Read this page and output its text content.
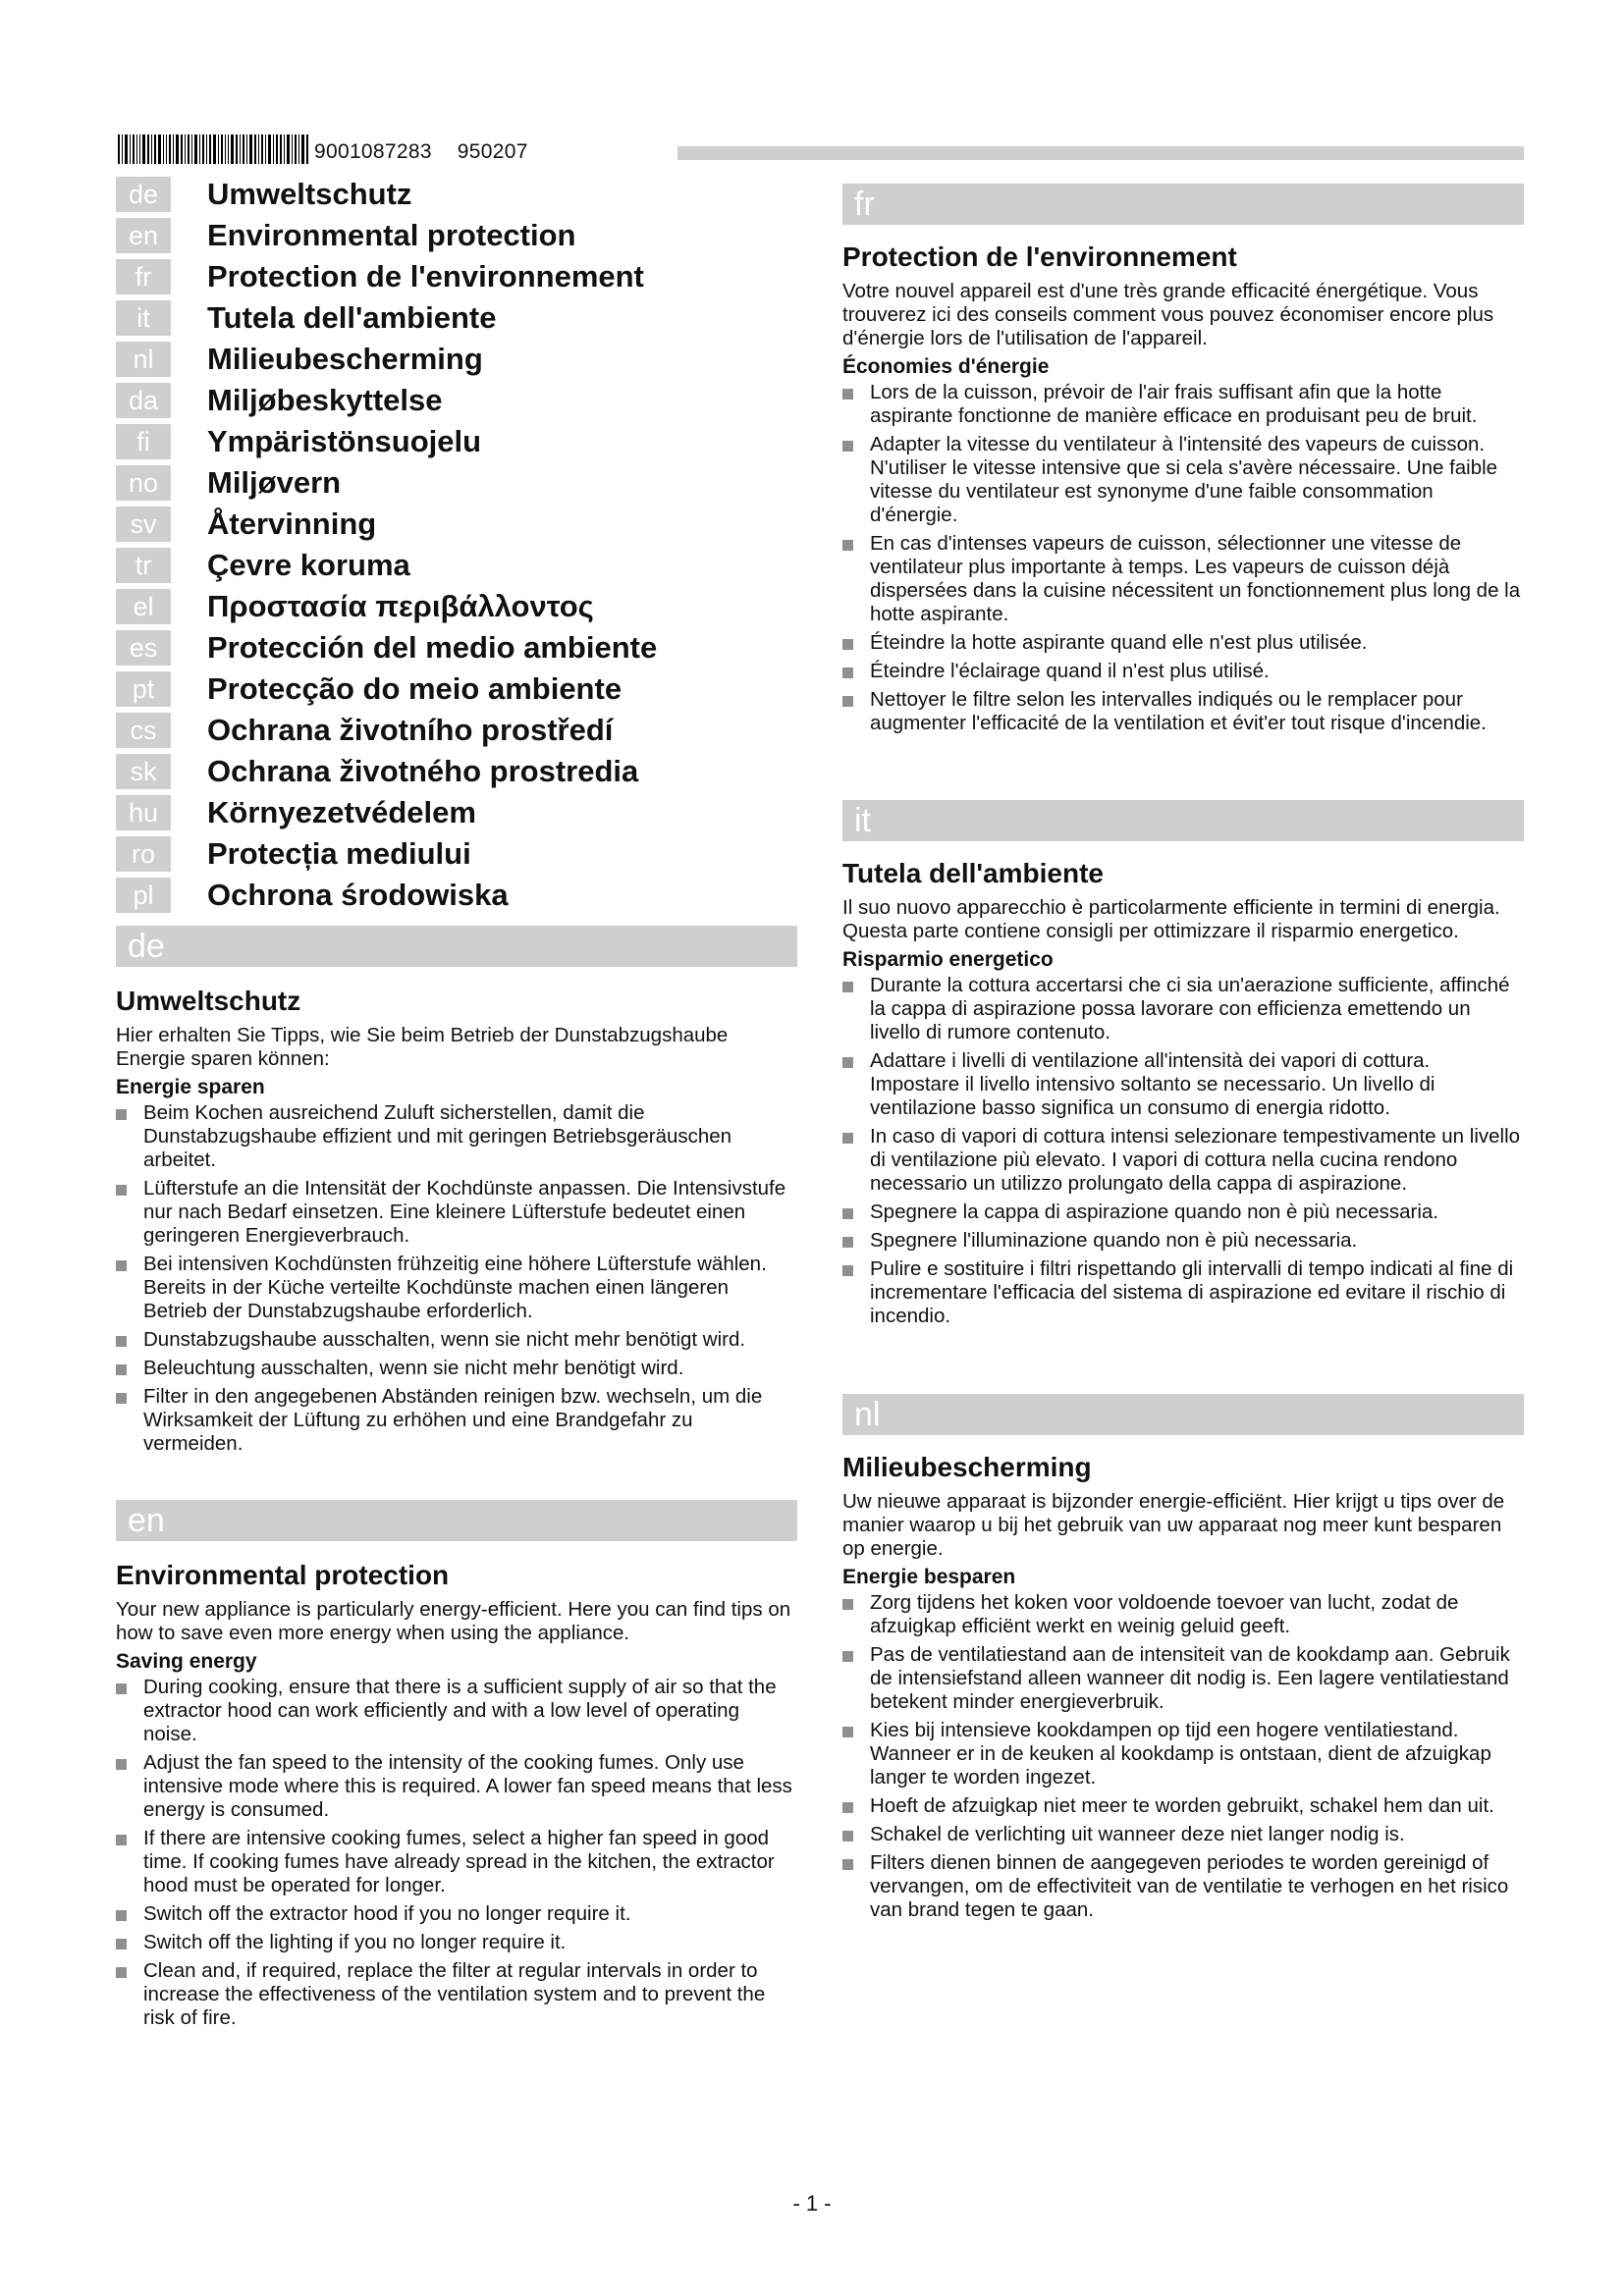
9001087283 950207
de	Umweltschutz
en	Environmental protection
fr	Protection de l'environnement
it	Tutela dell'ambiente
nl	Milieubescherming
da	Miljøbeskyttelse
fi	Ympäristönsuojelu
no	Miljøvern
sv	Återvinning
tr	Çevre koruma
el	Προστασία περιβάλλοντος
es	Protección del medio ambiente
pt	Protecção do meio ambiente
cs	Ochrana životního prostředí
sk	Ochrana životného prostredia
hu	Környezetvédelem
ro	Protecția mediului
pl	Ochrona środowiska
de
Umweltschutz

Hier erhalten Sie Tipps, wie Sie beim Betrieb der Dunstabzugshaube Energie sparen können:

Energie sparen
Beim Kochen ausreichend Zuluft sicherstellen, damit die Dunstabzugshaube effizient und mit geringen Betriebsgeräuschen arbeitet.
Lüfterstufe an die Intensität der Kochdünste anpassen. Die Intensivstufe nur nach Bedarf einsetzen. Eine kleinere Lüfterstufe bedeutet einen geringeren Energieverbrauch.
Bei intensiven Kochdünsten frühzeitig eine höhere Lüfterstufe wählen. Bereits in der Küche verteilte Kochdünste machen einen längeren Betrieb der Dunstabzugshaube erforderlich.
Dunstabzugshaube ausschalten, wenn sie nicht mehr benötigt wird.
Beleuchtung ausschalten, wenn sie nicht mehr benötigt wird.
Filter in den angegebenen Abständen reinigen bzw. wechseln, um die Wirksamkeit der Lüftung zu erhöhen und eine Brandgefahr zu vermeiden.
en
Environmental protection

Your new appliance is particularly energy-efficient. Here you can find tips on how to save even more energy when using the appliance.

Saving energy
During cooking, ensure that there is a sufficient supply of air so that the extractor hood can work efficiently and with a low level of operating noise.
Adjust the fan speed to the intensity of the cooking fumes. Only use intensive mode where this is required. A lower fan speed means that less energy is consumed.
If there are intensive cooking fumes, select a higher fan speed in good time. If cooking fumes have already spread in the kitchen, the extractor hood must be operated for longer.
Switch off the extractor hood if you no longer require it.
Switch off the lighting if you no longer require it.
Clean and, if required, replace the filter at regular intervals in order to increase the effectiveness of the ventilation system and to prevent the risk of fire.
fr
Protection de l'environnement

Votre nouvel appareil est d'une très grande efficacité énergétique. Vous trouverez ici des conseils comment vous pouvez économiser encore plus d'énergie lors de l'utilisation de l'appareil.

Économies d'énergie
Lors de la cuisson, prévoir de l'air frais suffisant afin que la hotte aspirante fonctionne de manière efficace en produisant peu de bruit.
Adapter la vitesse du ventilateur à l'intensité des vapeurs de cuisson. N'utiliser le vitesse intensive que si cela s'avère nécessaire. Une faible vitesse du ventilateur est synonyme d'une faible consommation d'énergie.
En cas d'intenses vapeurs de cuisson, sélectionner une vitesse de ventilateur plus importante à temps. Les vapeurs de cuisson déjà dispersées dans la cuisine nécessitent un fonctionnement plus long de la hotte aspirante.
Éteindre la hotte aspirante quand elle n'est plus utilisée.
Éteindre l'éclairage quand il n'est plus utilisé.
Nettoyer le filtre selon les intervalles indiqués ou le remplacer pour augmenter l'efficacité de la ventilation et évit'er tout risque d'incendie.
it
Tutela dell'ambiente

Il suo nuovo apparecchio è particolarmente efficiente in termini di energia. Questa parte contiene consigli per ottimizzare il risparmio energetico.

Risparmio energetico
Durante la cottura accertarsi che ci sia un'aerazione sufficiente, affinché la cappa di aspirazione possa lavorare con efficienza emettendo un livello di rumore contenuto.
Adattare i livelli di ventilazione all'intensità dei vapori di cottura. Impostare il livello intensivo soltanto se necessario. Un livello di ventilazione basso significa un consumo di energia ridotto.
In caso di vapori di cottura intensi selezionare tempestivamente un livello di ventilazione più elevato. I vapori di cottura nella cucina rendono necessario un utilizzo prolungato della cappa di aspirazione.
Spegnere la cappa di aspirazione quando non è più necessaria.
Spegnere l'illuminazione quando non è più necessaria.
Pulire e sostituire i filtri rispettando gli intervalli di tempo indicati al fine di incrementare l'efficacia del sistema di aspirazione ed evitare il rischio di incendio.
nl
Milieubescherming

Uw nieuwe apparaat is bijzonder energie-efficiënt. Hier krijgt u tips over de manier waarop u bij het gebruik van uw apparaat nog meer kunt besparen op energie.

Energie besparen
Zorg tijdens het koken voor voldoende toevoer van lucht, zodat de afzuigkap efficiënt werkt en weinig geluid geeft.
Pas de ventilatiestand aan de intensiteit van de kookdamp aan. Gebruik de intensiefstand alleen wanneer dit nodig is. Een lagere ventilatiestand betekent minder energieverbruik.
Kies bij intensieve kookdampen op tijd een hogere ventilatiestand. Wanneer er in de keuken al kookdamp is ontstaan, dient de afzuigkap langer te worden ingezet.
Hoeft de afzuigkap niet meer te worden gebruikt, schakel hem dan uit.
Schakel de verlichting uit wanneer deze niet langer nodig is.
Filters dienen binnen de aangegeven periodes te worden gereinigd of vervangen, om de effectiviteit van de ventilatie te verhogen en het risico van brand tegen te gaan.
- 1 -
